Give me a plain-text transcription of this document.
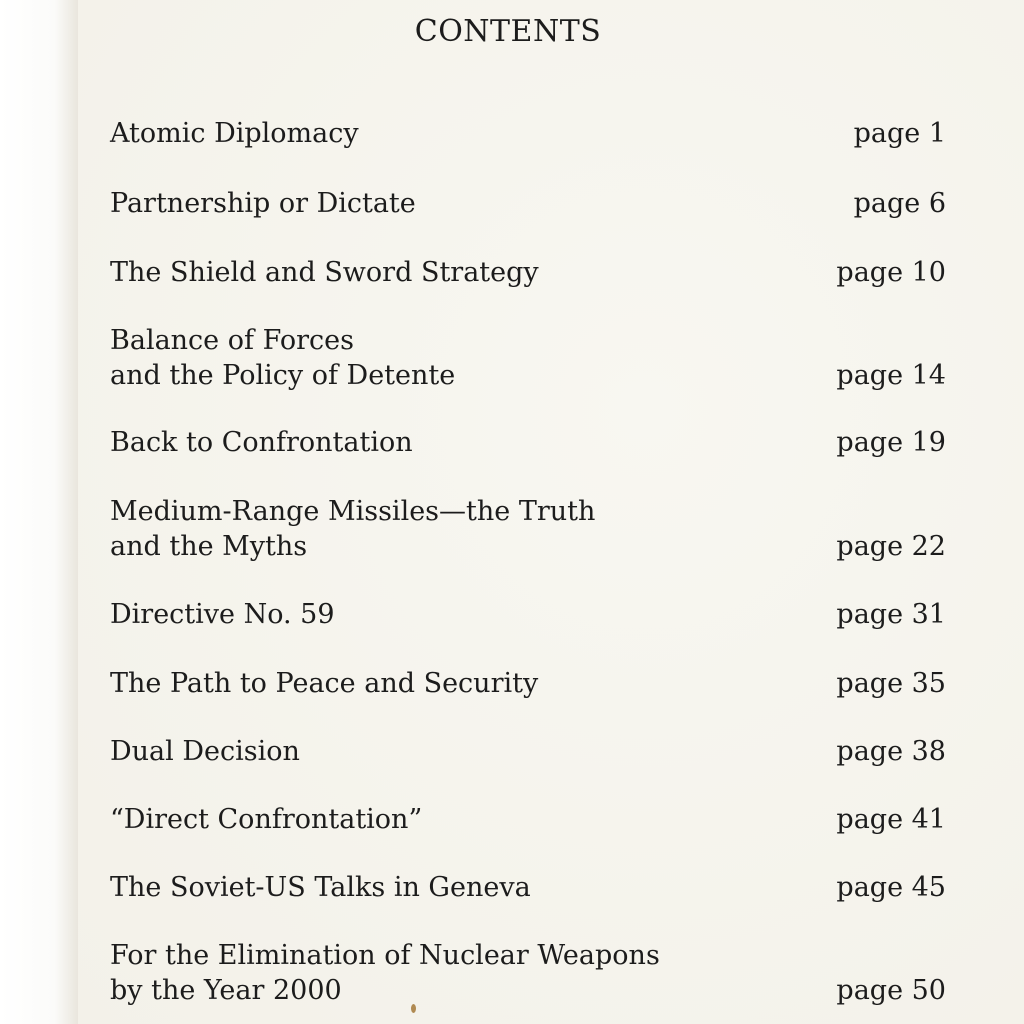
CONTENTS
Atomic Diplomacy	page 1
Partnership or Dictate	page 6
The Shield and Sword Strategy	page 10
Balance of Forces
and the Policy of Detente	page 14
Back to Confrontation	page 19
Medium-Range Missiles—the Truth
and the Myths	page 22
Directive No. 59	page 31
The Path to Peace and Security	page 35
Dual Decision	page 38
“Direct Confrontation”	page 41
The Soviet-US Talks in Geneva	page 45
For the Elimination of Nuclear Weapons
by the Year 2000	page 50
